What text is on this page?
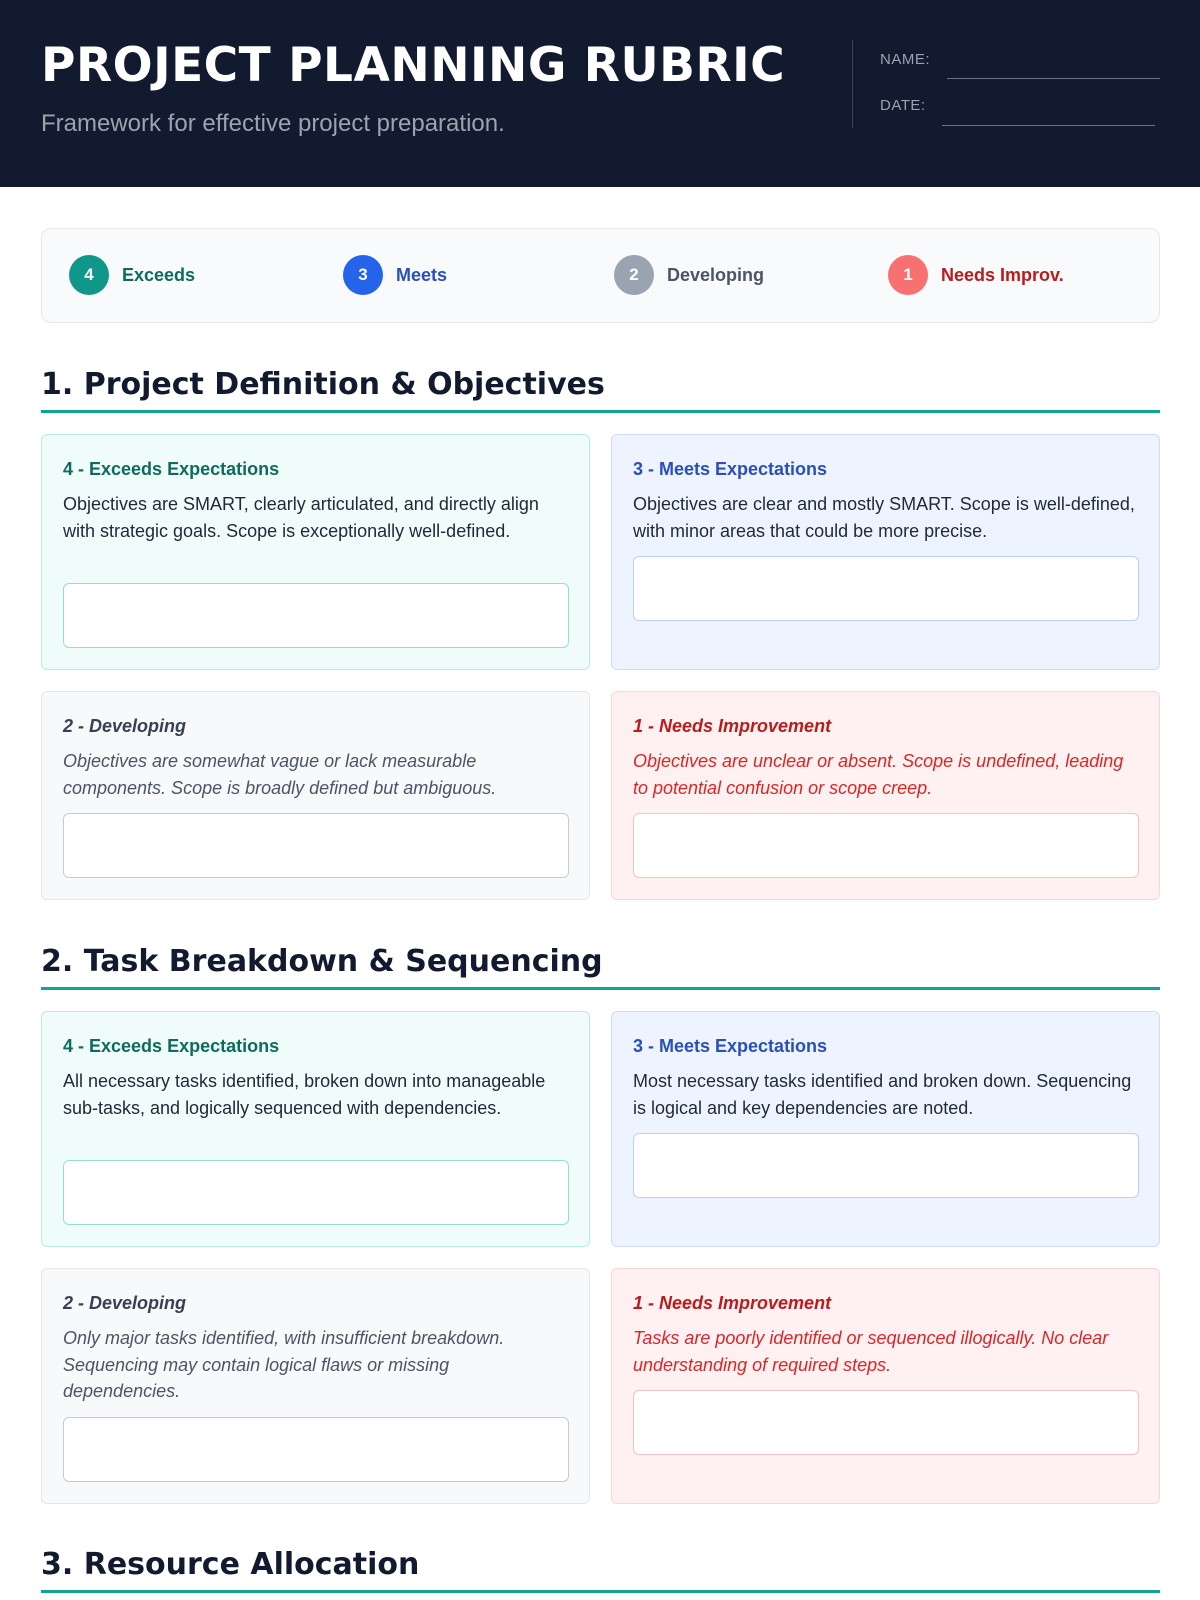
PROJECT PLANNING RUBRIC
Framework for effective project preparation.
NAME:
DATE:
4	Exceeds	3	Meets	2	Developing	1	Needs Improv.
1. Project Definition & Objectives
4 - Exceeds Expectations
Objectives are SMART, clearly articulated, and directly align with strategic goals. Scope is exceptionally well-defined.
3 - Meets Expectations
Objectives are clear and mostly SMART. Scope is well-defined, with minor areas that could be more precise.
2 - Developing
Objectives are somewhat vague or lack measurable components. Scope is broadly defined but ambiguous.
1 - Needs Improvement
Objectives are unclear or absent. Scope is undefined, leading to potential confusion or scope creep.
2. Task Breakdown & Sequencing
4 - Exceeds Expectations
All necessary tasks identified, broken down into manageable sub-tasks, and logically sequenced with dependencies.
3 - Meets Expectations
Most necessary tasks identified and broken down. Sequencing is logical and key dependencies are noted.
2 - Developing
Only major tasks identified, with insufficient breakdown. Sequencing may contain logical flaws or missing dependencies.
1 - Needs Improvement
Tasks are poorly identified or sequenced illogically. No clear understanding of required steps.
3. Resource Allocation
